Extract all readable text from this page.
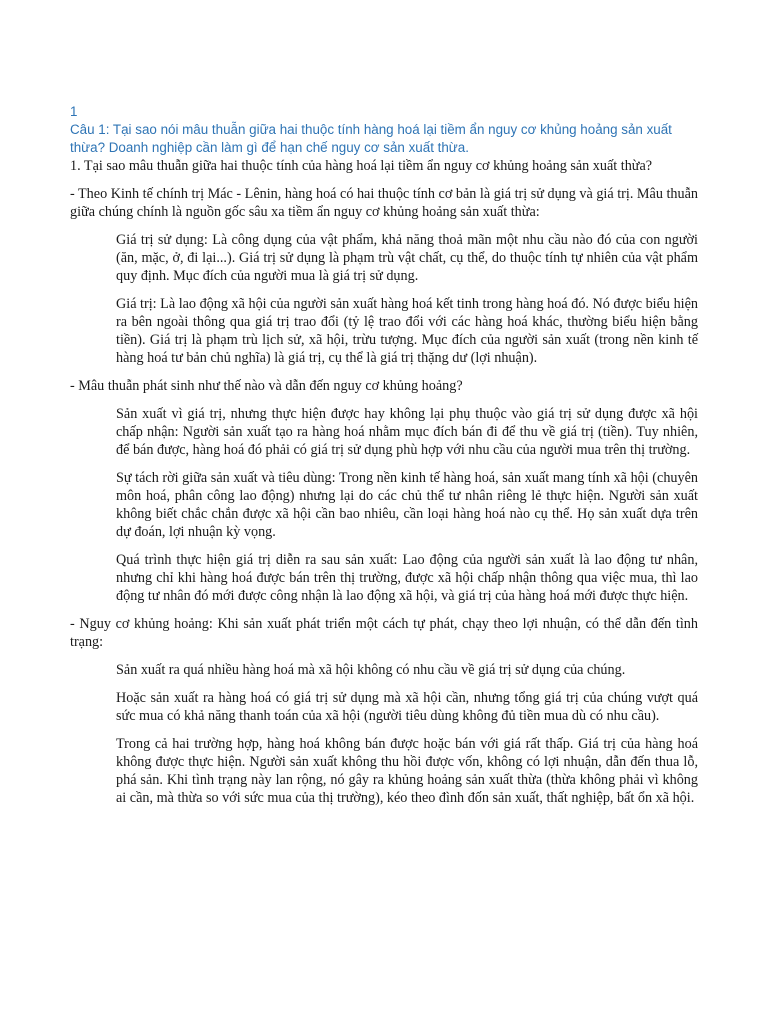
1

Câu 1: Tại sao nói mâu thuẫn giữa hai thuộc tính hàng hoá lại tiềm ẩn nguy cơ khủng hoảng sản xuất thừa? Doanh nghiệp cần làm gì để hạn chế nguy cơ sản xuất thừa.

1. Tại sao mâu thuẫn giữa hai thuộc tính của hàng hoá lại tiềm ẩn nguy cơ khủng hoảng sản xuất thừa?

- Theo Kinh tế chính trị Mác - Lênin, hàng hoá có hai thuộc tính cơ bản là giá trị sử dụng và giá trị. Mâu thuẫn giữa chúng chính là nguồn gốc sâu xa tiềm ẩn nguy cơ khủng hoảng sản xuất thừa:

Giá trị sử dụng: Là công dụng của vật phẩm, khả năng thoả mãn một nhu cầu nào đó của con người (ăn, mặc, ở, đi lại...). Giá trị sử dụng là phạm trù vật chất, cụ thể, do thuộc tính tự nhiên của vật phẩm quy định. Mục đích của người mua là giá trị sử dụng.

Giá trị: Là lao động xã hội của người sản xuất hàng hoá kết tinh trong hàng hoá đó. Nó được biểu hiện ra bên ngoài thông qua giá trị trao đổi (tỷ lệ trao đổi với các hàng hoá khác, thường biểu hiện bằng tiền). Giá trị là phạm trù lịch sử, xã hội, trừu tượng. Mục đích của người sản xuất (trong nền kinh tế hàng hoá tư bản chủ nghĩa) là giá trị, cụ thể là giá trị thặng dư (lợi nhuận).

- Mâu thuẫn phát sinh như thế nào và dẫn đến nguy cơ khủng hoảng?

Sản xuất vì giá trị, nhưng thực hiện được hay không lại phụ thuộc vào giá trị sử dụng được xã hội chấp nhận: Người sản xuất tạo ra hàng hoá nhằm mục đích bán đi để thu về giá trị (tiền). Tuy nhiên, để bán được, hàng hoá đó phải có giá trị sử dụng phù hợp với nhu cầu của người mua trên thị trường.

Sự tách rời giữa sản xuất và tiêu dùng: Trong nền kinh tế hàng hoá, sản xuất mang tính xã hội (chuyên môn hoá, phân công lao động) nhưng lại do các chủ thể tư nhân riêng lẻ thực hiện. Người sản xuất không biết chắc chắn được xã hội cần bao nhiêu, cần loại hàng hoá nào cụ thể. Họ sản xuất dựa trên dự đoán, lợi nhuận kỳ vọng.

Quá trình thực hiện giá trị diễn ra sau sản xuất: Lao động của người sản xuất là lao động tư nhân, nhưng chỉ khi hàng hoá được bán trên thị trường, được xã hội chấp nhận thông qua việc mua, thì lao động tư nhân đó mới được công nhận là lao động xã hội, và giá trị của hàng hoá mới được thực hiện.

- Nguy cơ khủng hoảng: Khi sản xuất phát triển một cách tự phát, chạy theo lợi nhuận, có thể dẫn đến tình trạng:

Sản xuất ra quá nhiều hàng hoá mà xã hội không có nhu cầu về giá trị sử dụng của chúng.

Hoặc sản xuất ra hàng hoá có giá trị sử dụng mà xã hội cần, nhưng tổng giá trị của chúng vượt quá sức mua có khả năng thanh toán của xã hội (người tiêu dùng không đủ tiền mua dù có nhu cầu).

Trong cả hai trường hợp, hàng hoá không bán được hoặc bán với giá rất thấp. Giá trị của hàng hoá không được thực hiện. Người sản xuất không thu hồi được vốn, không có lợi nhuận, dẫn đến thua lỗ, phá sản. Khi tình trạng này lan rộng, nó gây ra khủng hoảng sản xuất thừa (thừa không phải vì không ai cần, mà thừa so với sức mua của thị trường), kéo theo đình đốn sản xuất, thất nghiệp, bất ổn xã hội.
